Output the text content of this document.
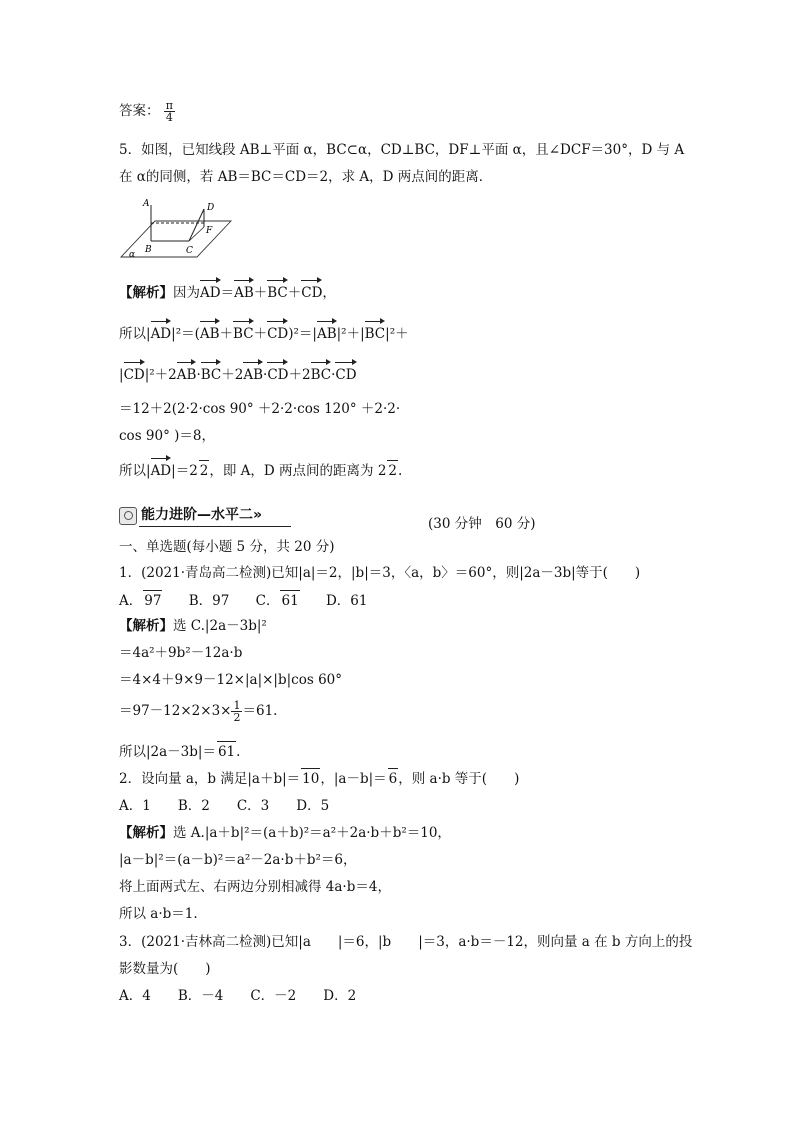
答案： $\frac{\pi}{4}$
5．如图，已知线段 AB⊥平面 α，BC⊂α，CD⊥BC，DF⊥平面 α，且∠DCF＝30°，D 与 A
在 α的同侧，若 AB＝BC＝CD＝2，求 A，D 两点间的距离．
A
B	C
D
F
α
【解析】因为AD＝AB＋BC＋CD，
所以|AD|²＝(AB＋BC＋CD)²＝|AB|²＋|BC|²＋
|CD|²＋2AB·BC＋2AB·CD＋2BC·CD
＝12＋2(2·2·cos 90° ＋2·2·cos 120° ＋2·2·
cos 90° )＝8，
所以|AD|＝2 2，即 A，D 两点间的距离为 2 2.
能力进阶—水平二»
(30 分钟　60 分)
一、单选题(每小题 5 分，共 20 分)
1．(2021·青岛高二检测)已知|a|＝2，|b|＝3，〈a，b〉＝60°，则|2a－3b|等于(　　)
A． 97 B．97 C． 61 D．61
【解析】选 C.|2a－3b|²
＝4a²＋9b²－12a·b
＝4×4＋9×9－12×|a|×|b|cos 60°
$=97-12\times 2\times 3\times \frac{1}{2} =61$.
所以|2a－3b|＝ 61.
2．设向量 a，b 满足|a＋b|＝ 10，|a－b|＝ 6，则 a·b 等于(　　)
A．1　　B．2　　C．3　　D．5
【解析】选 A.|a＋b|²＝(a＋b)²＝a²＋2a·b＋b²＝10，
|a－b|²＝(a－b)²＝a²－2a·b＋b²＝6，
将上面两式左、右两边分别相减得 4a·b＝4，
所以 a·b＝1.
3．(2021·吉林高二检测)已知|a　　|＝6，|b　　|＝3，a·b＝－12，则向量 a 在 b 方向上的投
影数量为(　　)
A．4　　B．－4　　C．－2　　D．2
